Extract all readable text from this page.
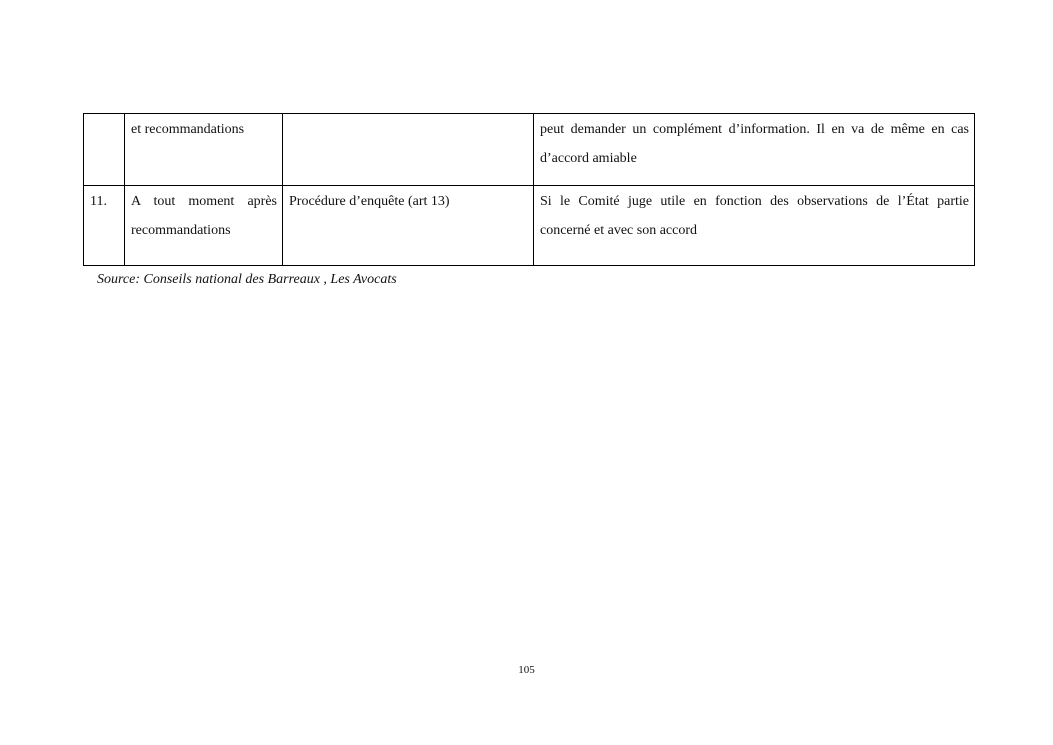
	et recommandations		peut demander un complément d’information. Il en va de même en cas d’accord amiable
11.	A tout moment après recommandations	Procédure d’enquête (art 13)	Si le Comité juge utile en fonction des observations de l’État partie concerné et avec son accord
Source: Conseils national des Barreaux , Les Avocats
105
